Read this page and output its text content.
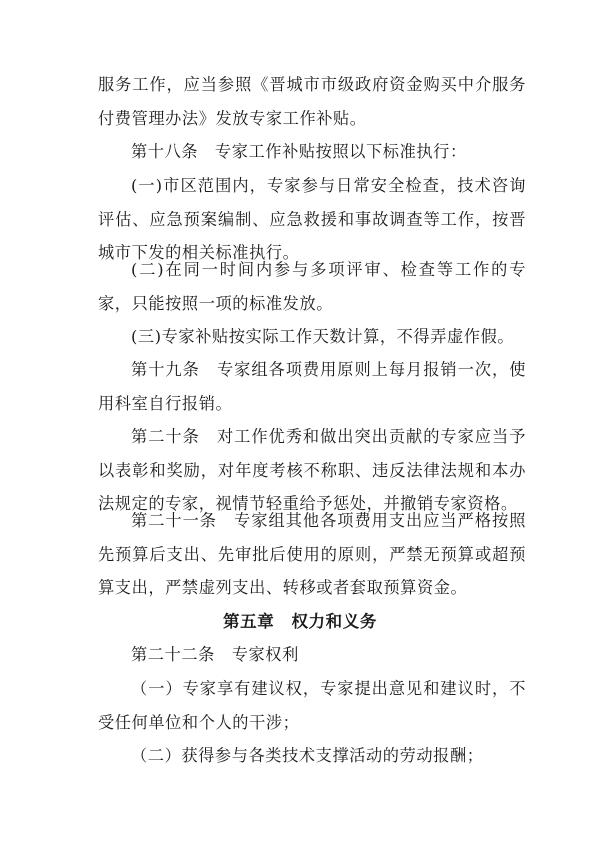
服务工作，应当参照《晋城市市级政府资金购买中介服务付费管理办法》发放专家工作补贴。

第十八条　专家工作补贴按照以下标准执行：

(一)市区范围内，专家参与日常安全检查，技术咨询评估、应急预案编制、应急救援和事故调查等工作，按晋城市下发的相关标准执行。

(二)在同一时间内参与多项评审、检查等工作的专家，只能按照一项的标准发放。

(三)专家补贴按实际工作天数计算，不得弄虚作假。

第十九条　专家组各项费用原则上每月报销一次，使用科室自行报销。

第二十条　对工作优秀和做出突出贡献的专家应当予以表彰和奖励，对年度考核不称职、违反法律法规和本办法规定的专家，视情节轻重给予惩处，并撤销专家资格。

第二十一条　专家组其他各项费用支出应当严格按照先预算后支出、先审批后使用的原则，严禁无预算或超预算支出，严禁虚列支出、转移或者套取预算资金。

第五章　权力和义务

第二十二条　专家权利

（一）专家享有建议权，专家提出意见和建议时，不受任何单位和个人的干涉；

（二）获得参与各类技术支撑活动的劳动报酬；
